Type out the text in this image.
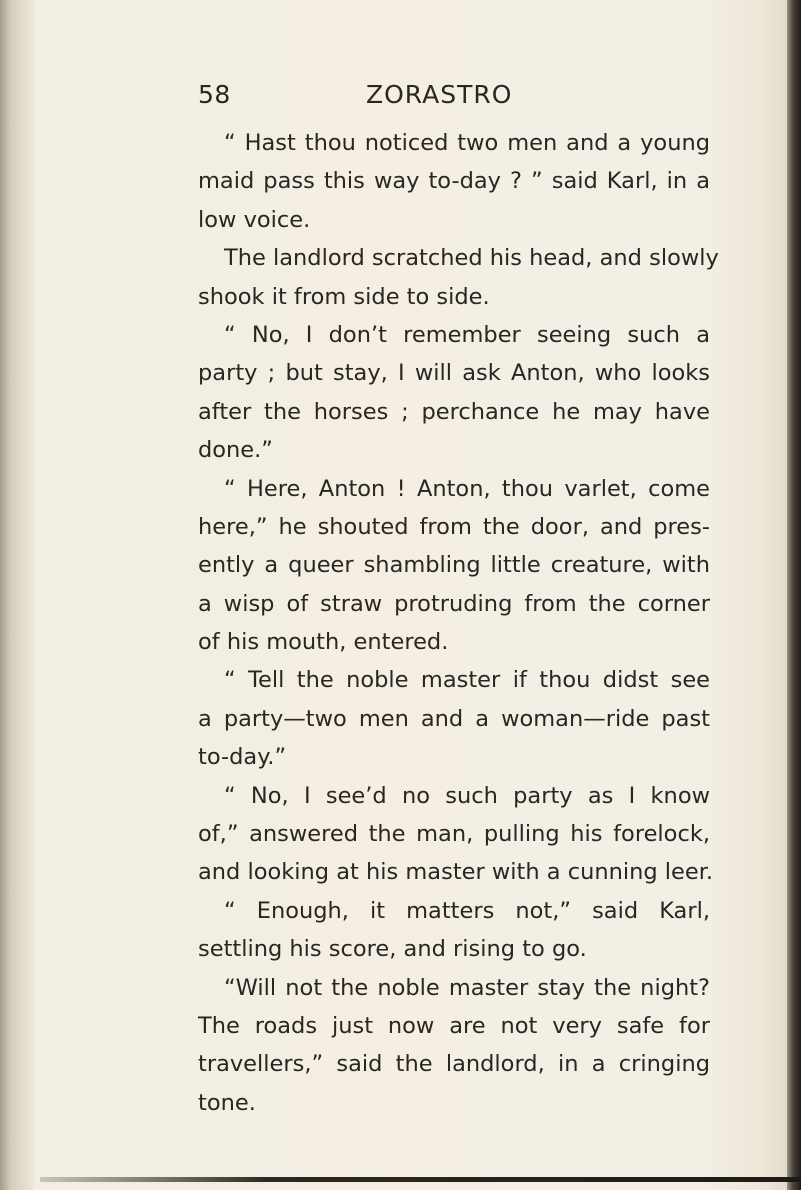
58	ZORASTRO
“ Hast thou noticed two men and a young
maid pass this way to-day ? ” said Karl, in a
low voice.
The landlord scratched his head, and slowly
shook it from side to side.
“ No, I don’t remember seeing such a
party ; but stay, I will ask Anton, who looks
after the horses ; perchance he may have
done.”
“ Here, Anton ! Anton, thou varlet, come
here,” he shouted from the door, and pres-
ently a queer shambling little creature, with
a wisp of straw protruding from the corner
of his mouth, entered.
“ Tell the noble master if thou didst see
a party—two men and a woman—ride past
to-day.”
“ No, I see’d no such party as I know
of,” answered the man, pulling his forelock,
and looking at his master with a cunning leer.
“ Enough, it matters not,” said Karl,
settling his score, and rising to go.
“Will not the noble master stay the night?
The roads just now are not very safe for
travellers,” said the landlord, in a cringing
tone.
